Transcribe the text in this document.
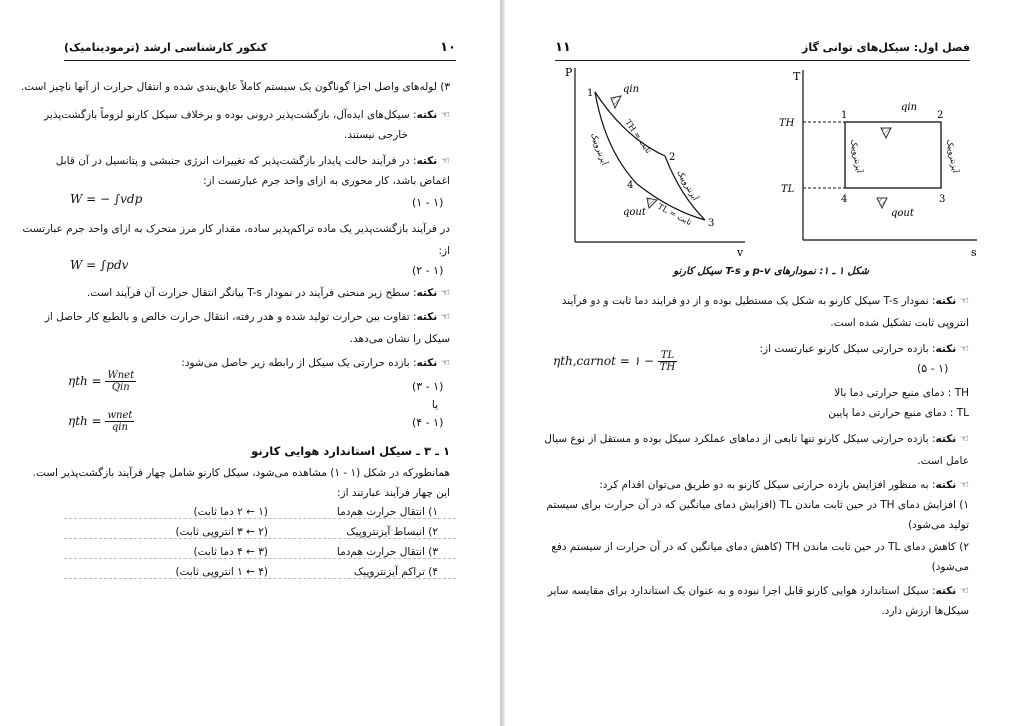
کنکور کارشناسی ارشد (ترمودینامیک)	۱۰
۳) لوله‌های واصل اجزا گوناگون یک سیستم کاملاً عایق‌بندی شده و انتقال حرارت از آنها ناچیز است.
☜ نکته: سیکل‌های ایده‌آل، بازگشت‌پذیر درونی بوده و برخلاف سیکل کارنو لزوماً بازگشت‌پذیر
خارجی نیستند.
☜ نکته: در فرآیند حالت پایدار بازگشت‌پذیر که تغییرات انرژی جنبشی و پتانسیل در آن قابل
اغماض باشد، کار محوری به ازای واحد جرم عبارتست از:
W = − ∫vdp	(۱ - ۱)
در فرآیند بازگشت‌پذیر یک ماده تراکم‌پذیر ساده، مقدار کار مرز متحرک به ازای واحد جرم عبارتست
از:
W = ∫pdv	(۲ - ۱)
☜ نکته: سطح زیر منحنی فرآیند در نمودار T-s بیانگر انتقال حرارت آن فرآیند است.
☜ نکته: تفاوت بین حرارت تولید شده و هدر رفته، انتقال حرارت خالص و بالطبع کار حاصل از
سیکل را نشان می‌دهد.
☜ نکته: بازده حرارتی یک سیکل از رابطه زیر حاصل می‌شود:
$\eta th = \frac{\text{Wnet}}{\text{Qin}}$	(۳ - ۱)
یا
$\eta th = \frac{\text{wnet}}{\text{qin}}$	(۴ - ۱)
۱ ـ ۳ ـ سیکل استاندارد هوایی کارنو
همانطورکه در شکل (۱ - ۱) مشاهده می‌شود، سیکل کارنو شامل چهار فرآیند بازگشت‌پذیر است.
این چهار فرآیند عبارتند از:
۱) انتقال حرارت هم‌دما
(۱ ← ۲ دما ثابت)
۲) انبساط آیزنتروپیک
(۲ ← ۳ انتروپی ثابت)
۳) انتقال حرارت هم‌دما
(۳ ← ۴ دما ثابت)
۴) تراکم آیزنتروپیک
(۴ ← ۱ انتروپی ثابت)
۱۱	فصل اول: سیکل‌های توانی گاز
P
v
1
2
3
4
qin
qout
TH = ثابت
TL = ثابت
آیزنتروپیک
آیزنتروپیک
T
s
TH
TL
1	2
3
4
qin
qout
آیزنتروپیک	آیزنتروپیک
شکل ۱ ـ ۱: نمودارهای p-v و T-s سیکل کارنو
☜ نکته: نمودار T-s سیکل کارنو به شکل یک مستطیل بوده و از دو فرایند دما ثابت و دو فرآیند
انتروپی ثابت تشکیل شده است.
☜ نکته: بازده حرارتی سیکل کارنو عبارتست از:
ηth,carnot = ۱ − $\frac{TL}{TH}$	(۵ - ۱)
TH : دمای منبع حرارتی دما بالا
TL : دمای منبع حرارتی دما پایین
☜ نکته: بازده حرارتی سیکل کارنو تنها تابعی از دماهای عملکرد سیکل بوده و مستقل از نوع سیال
عامل است.
☜ نکته: به منظور افزایش بازده حرارتی سیکل کارنو به دو طریق می‌توان اقدام کرد:
۱) افزایش دمای TH در حین ثابت ماندن TL (افزایش دمای میانگین که در آن حرارت برای سیستم
تولید می‌شود)
۲) کاهش دمای TL در حین ثابت ماندن TH (کاهش دمای میانگین که در آن حرارت از سیستم دفع
می‌شود)
☜ نکته: سیکل استاندارد هوایی کارنو قابل اجرا نبوده و به عنوان یک استاندارد برای مقایسه سایر
سیکل‌ها ارزش دارد.
